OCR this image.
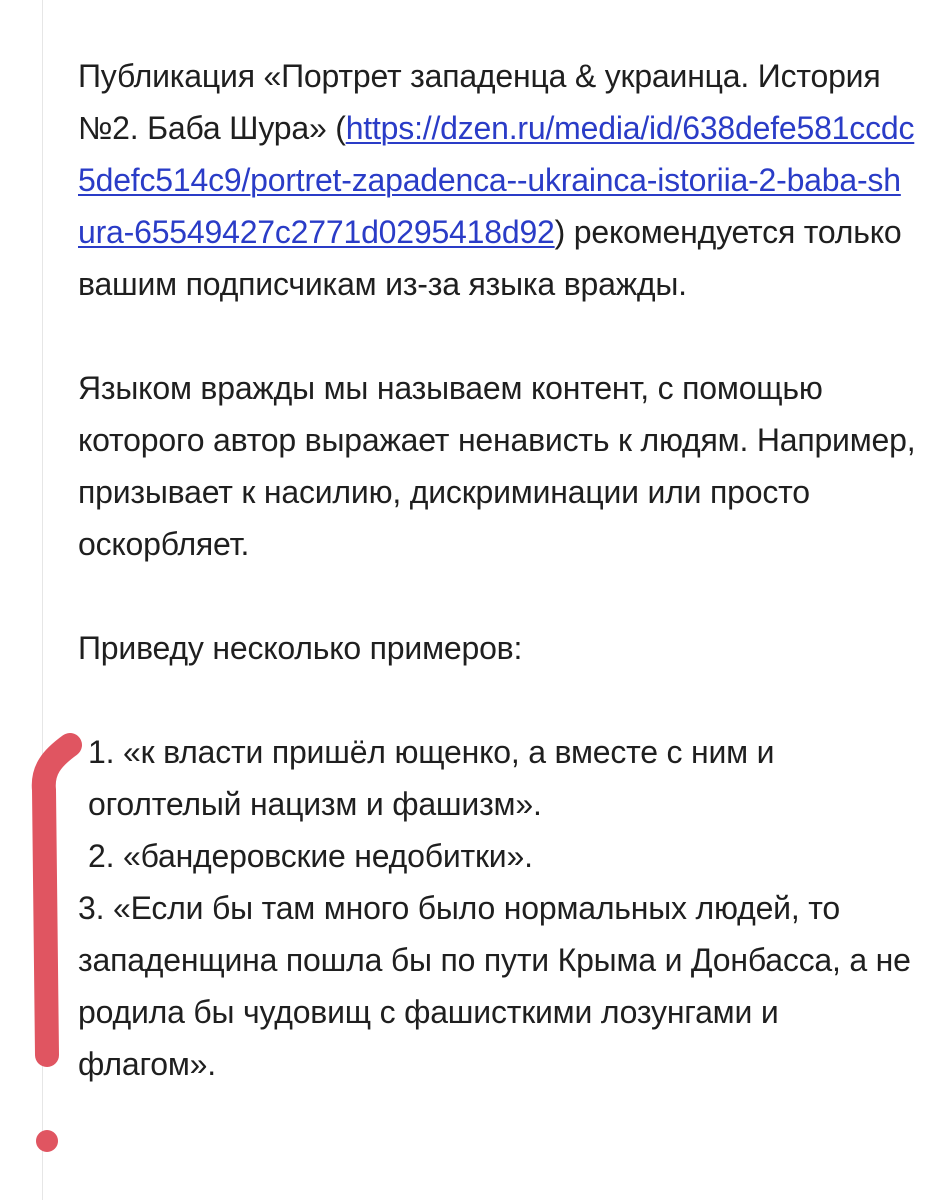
Публикация «Портрет западенца & украинца. История №2. Баба Шура» (https://dzen.ru/media/id/638defe581ccdc5defc514c9/portret-zapadenca--ukrainca-istoriia-2-baba-shura-65549427c2771d0295418d92) рекомендуется только вашим подписчикам из-за языка вражды.

Языком вражды мы называем контент, с помощью которого автор выражает ненависть к людям. Например, призывает к насилию, дискриминации или просто оскорбляет.

Приведу несколько примеров:

1. «к власти пришёл ющенко, а вместе с ним и оголтелый нацизм и фашизм».
2. «бандеровские недобитки».
3. «Если бы там много было нормальных людей, то западенщина пошла бы по пути Крыма и Донбасса, а не родила бы чудовищ с фашисткими лозунгами и флагом».
